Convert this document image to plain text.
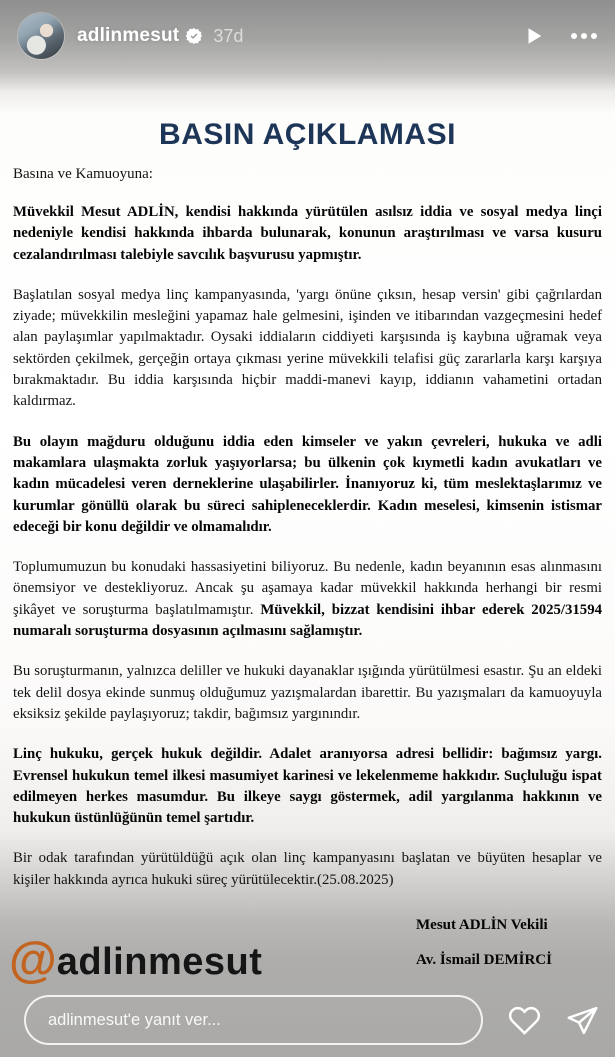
adlinmesut 37d
BASIN AÇIKLAMASI
Basına ve Kamuoyuna:

Müvekkil Mesut ADLİN, kendisi hakkında yürütülen asılsız iddia ve sosyal medya linçi nedeniyle kendisi hakkında ihbarda bulunarak, konunun araştırılması ve varsa kusuru cezalandırılması talebiyle savcılık başvurusu yapmıştır.

Başlatılan sosyal medya linç kampanyasında, 'yargı önüne çıksın, hesap versin' gibi çağrılardan ziyade; müvekkilin mesleğini yapamaz hale gelmesini, işinden ve itibarından vazgeçmesini hedef alan paylaşımlar yapılmaktadır. Oysaki iddiaların ciddiyeti karşısında iş kaybına uğramak veya sektörden çekilmek, gerçeğin ortaya çıkması yerine müvekkili telafisi güç zararlarla karşı karşıya bırakmaktadır. Bu iddia karşısında hiçbir maddi-manevi kayıp, iddianın vahametini ortadan kaldırmaz.

Bu olayın mağduru olduğunu iddia eden kimseler ve yakın çevreleri, hukuka ve adli makamlara ulaşmakta zorluk yaşıyorlarsa; bu ülkenin çok kıymetli kadın avukatları ve kadın mücadelesi veren derneklerine ulaşabilirler. İnanıyoruz ki, tüm meslektaşlarımız ve kurumlar gönüllü olarak bu süreci sahipleneceklerdir. Kadın meselesi, kimsenin istismar edeceği bir konu değildir ve olmamalıdır.

Toplumumuzun bu konudaki hassasiyetini biliyoruz. Bu nedenle, kadın beyanının esas alınmasını önemsiyor ve destekliyoruz. Ancak şu aşamaya kadar müvekkil hakkında herhangi bir resmi şikâyet ve soruşturma başlatılmamıştır. Müvekkil, bizzat kendisini ihbar ederek 2025/31594 numaralı soruşturma dosyasının açılmasını sağlamıştır.

Bu soruşturmanın, yalnızca deliller ve hukuki dayanaklar ışığında yürütülmesi esastır. Şu an eldeki tek delil dosya ekinde sunmuş olduğumuz yazışmalardan ibarettir. Bu yazışmaları da kamuoyuyla eksiksiz şekilde paylaşıyoruz; takdir, bağımsız yargınındır.

Linç hukuku, gerçek hukuk değildir. Adalet aranıyorsa adresi bellidir: bağımsız yargı. Evrensel hukukun temel ilkesi masumiyet karinesi ve lekelenmeme hakkıdır. Suçluluğu ispat edilmeyen herkes masumdur. Bu ilkeye saygı göstermek, adil yargılanma hakkının ve hukukun üstünlüğünün temel şartıdır.

Bir odak tarafından yürütüldüğü açık olan linç kampanyasını başlatan ve büyüten hesaplar ve kişiler hakkında ayrıca hukuki süreç yürütülecektir.(25.08.2025)

Mesut ADLİN Vekili
Av. İsmail DEMİRCİ
@ adlinmesut
adlinmesut'e yanıt ver...
